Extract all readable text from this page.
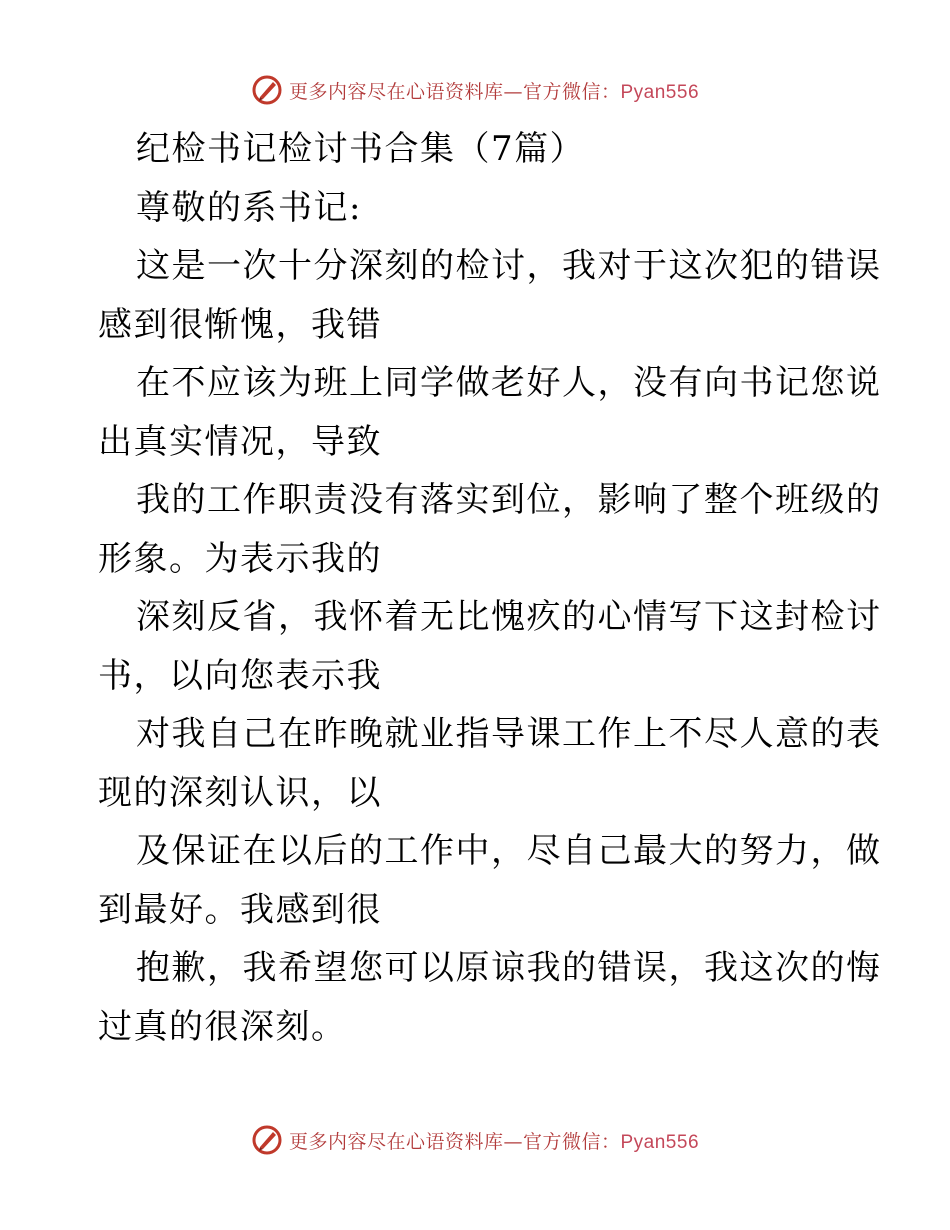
更多内容尽在心语资料库—官方微信：Pyan556
纪检书记检讨书合集（7篇）
尊敬的系书记:
这是一次十分深刻的检讨，我对于这次犯的错误
感到很惭愧，我错
在不应该为班上同学做老好人，没有向书记您说
出真实情况，导致
我的工作职责没有落实到位，影响了整个班级的
形象。为表示我的
深刻反省，我怀着无比愧疚的心情写下这封检讨
书，以向您表示我
对我自己在昨晚就业指导课工作上不尽人意的表
现的深刻认识，以
及保证在以后的工作中，尽自己最大的努力，做
到最好。我感到很
抱歉，我希望您可以原谅我的错误，我这次的悔
过真的很深刻。
更多内容尽在心语资料库—官方微信：Pyan556
